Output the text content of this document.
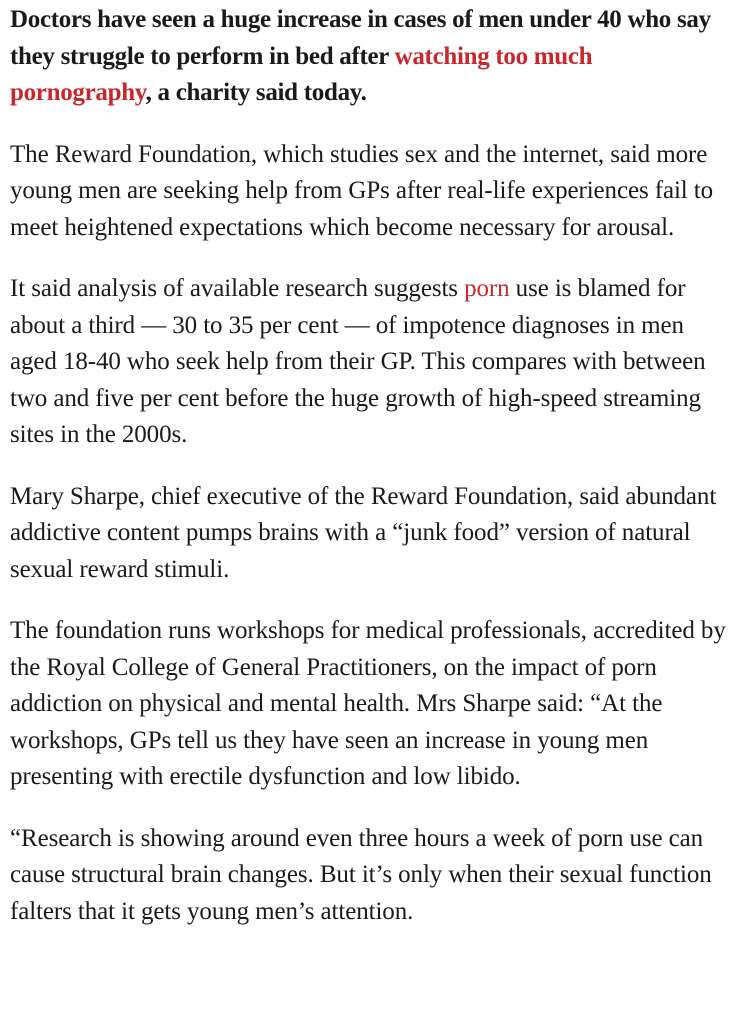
Doctors have seen a huge increase in cases of men under 40 who say they struggle to perform in bed after watching too much pornography, a charity said today.

The Reward Foundation, which studies sex and the internet, said more young men are seeking help from GPs after real-life experiences fail to meet heightened expectations which become necessary for arousal.

It said analysis of available research suggests porn use is blamed for about a third — 30 to 35 per cent — of impotence diagnoses in men aged 18-40 who seek help from their GP. This compares with between two and five per cent before the huge growth of high-speed streaming sites in the 2000s.

Mary Sharpe, chief executive of the Reward Foundation, said abundant addictive content pumps brains with a “junk food” version of natural sexual reward stimuli.

The foundation runs workshops for medical professionals, accredited by the Royal College of General Practitioners, on the impact of porn addiction on physical and mental health. Mrs Sharpe said: “At the workshops, GPs tell us they have seen an increase in young men presenting with erectile dysfunction and low libido.

“Research is showing around even three hours a week of porn use can cause structural brain changes. But it’s only when their sexual function falters that it gets young men’s attention.
